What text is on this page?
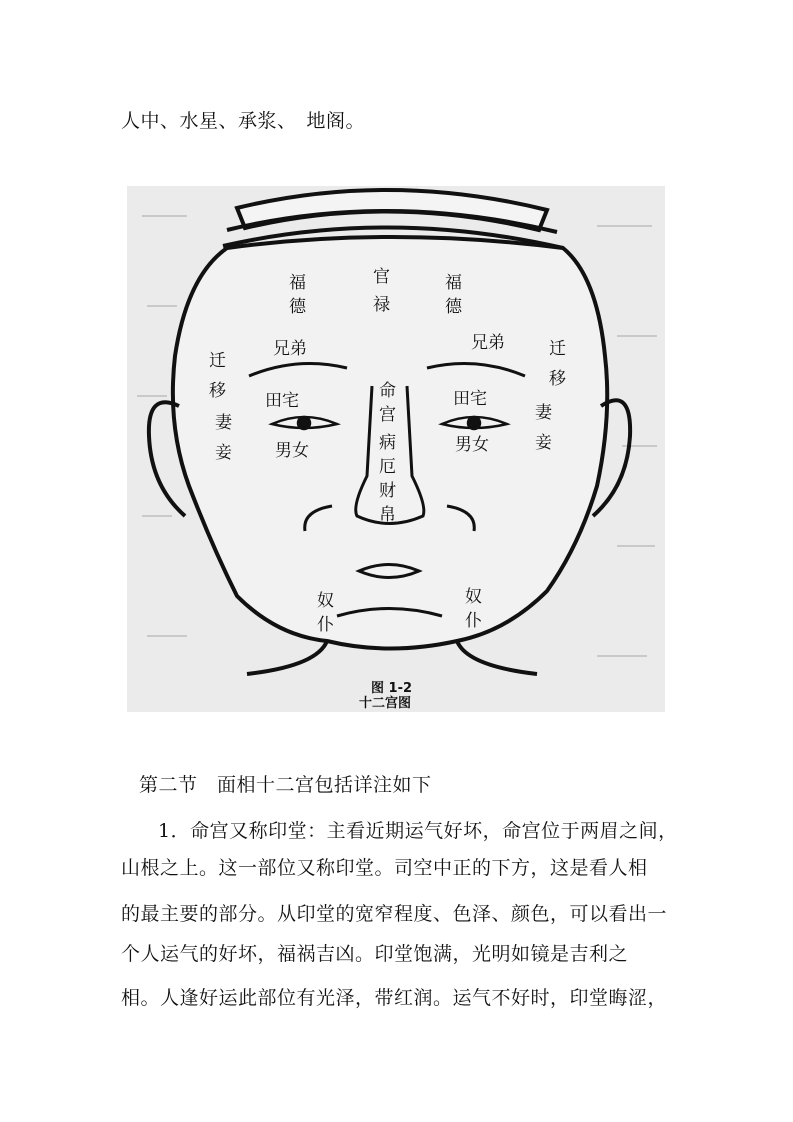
人中、水星、承浆、　地阁。
福
德
官
禄
福
德
兄弟	兄弟
迁
移
迁
移
田宅	田宅
妻
妾
妻
妾
男女	男女
命
宫
病
厄
财
帛
奴
仆
奴
仆
图 1-2
十二宫图
第二节　面相十二宫包括详注如下
1．命宫又称印堂：主看近期运气好坏，命宫位于两眉之间，
山根之上。这一部位又称印堂。司空中正的下方，这是看人相
的最主要的部分。从印堂的宽窄程度、色泽、颜色，可以看出一
个人运气的好坏，福祸吉凶。印堂饱满，光明如镜是吉利之
相。人逢好运此部位有光泽，带红润。运气不好时，印堂晦涩，
